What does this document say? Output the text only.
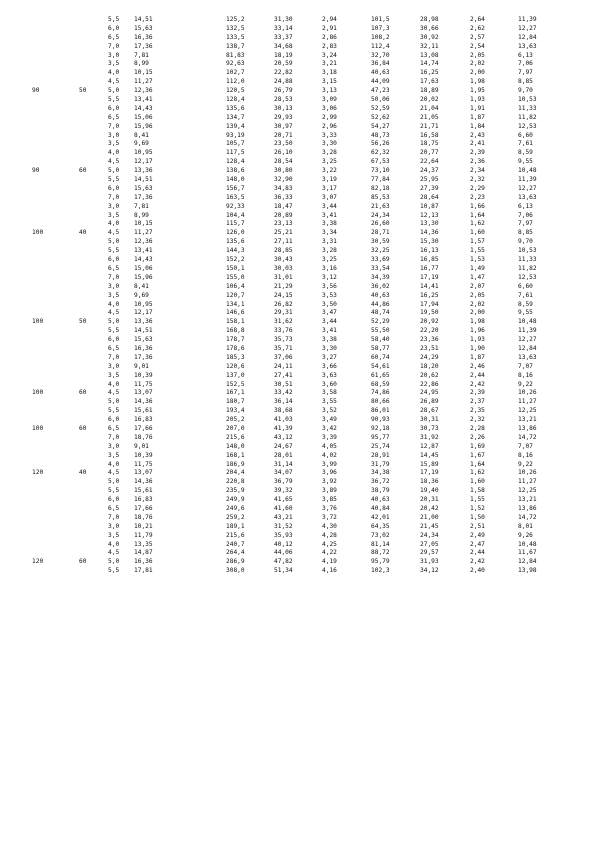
5,5 14,51	125,2	31,30	2,94	101,5	28,98	2,64	11,39
6,0 15,63	132,5	33,14	2,91	107,3	30,66	2,62	12,27
6,5 16,36	133,5	33,37	2,86	108,2	30,92	2,57	12,84
7,0 17,36	138,7	34,68	2,83	112,4	32,11	2,54	13,63
3,0 7,81	81,83	18,19	3,24	32,70	13,08	2,05	6,13
3,5 8,99	92,63	20,59	3,21	36,84	14,74	2,02	7,06
4,0 10,15	102,7	22,82	3,18	40,63	16,25	2,00	7,97
4,5 11,27	112,0	24,88	3,15	44,09	17,63	1,98	8,85
90	50	5,0 12,36	120,5	26,79	3,13	47,23	18,89	1,95	9,70
5,5 13,41	128,4	28,53	3,09	50,06	20,02	1,93	10,53
6,0 14,43	135,6	30,13	3,06	52,59	21,04	1,91	11,33
6,5 15,06	134,7	29,93	2,99	52,62	21,05	1,87	11,82
7,0 15,96	139,4	30,97	2,96	54,27	21,71	1,84	12,53
3,0 8,41	93,19	20,71	3,33	48,73	16,58	2,43	6,60
3,5 9,69	105,7	23,50	3,30	56,26	18,75	2,41	7,61
4,0 10,95	117,5	26,10	3,28	62,32	20,77	2,39	8,59
4,5 12,17	128,4	28,54	3,25	67,53	22,64	2,36	9,55
90	60	5,0 13,36	138,6	30,80	3,22	73,10	24,37	2,34	10,48
5,5 14,51	148,0	32,90	3,19	77,84	25,95	2,32	11,39
6,0 15,63	156,7	34,83	3,17	82,18	27,39	2,29	12,27
7,0 17,36	163,5	36,33	3,07	85,53	28,64	2,23	13,63
3,0 7,81	92,33	18,47	3,44	21,63	10,87	1,66	6,13
3,5 8,99	104,4	20,89	3,41	24,34	12,13	1,64	7,06
4,0 10,15	115,7	23,13	3,38	26,60	13,30	1,62	7,97
100	40	4,5 11,27	126,0	25,21	3,34	28,71	14,36	1,60	8,85
5,0 12,36	135,6	27,11	3,31	30,59	15,30	1,57	9,70
5,5 13,41	144,3	28,85	3,28	32,25	16,13	1,55	10,53
6,0 14,43	152,2	30,43	3,25	33,69	16,85	1,53	11,33
6,5 15,06	150,1	30,03	3,16	33,54	16,77	1,49	11,82
7,0 15,96	155,0	31,01	3,12	34,39	17,19	1,47	12,53
3,0 8,41	106,4	21,29	3,56	36,02	14,41	2,07	6,60
3,5 9,69	120,7	24,15	3,53	40,63	16,25	2,05	7,61
4,0 10,95	134,1	26,82	3,50	44,86	17,94	2,02	8,59
4,5 12,17	146,6	29,31	3,47	48,74	19,50	2,00	9,55
100	50	5,0 13,36	158,1	31,62	3,44	52,29	20,92	1,98	10,48
5,5 14,51	168,8	33,76	3,41	55,50	22,20	1,96	11,39
6,0 15,63	178,7	35,73	3,38	58,40	23,36	1,93	12,27
6,5 16,36	178,6	35,71	3,30	58,77	23,51	1,90	12,84
7,0 17,36	185,3	37,06	3,27	60,74	24,29	1,87	13,63
3,0 9,01	120,6	24,11	3,66	54,61	18,20	2,46	7,07
3,5 10,39	137,0	27,41	3,63	61,65	20,62	2,44	8,16
4,0 11,75	152,5	30,51	3,60	68,59	22,86	2,42	9,22
100	60	4,5 13,07	167,1	33,42	3,58	74,86	24,95	2,39	10,26
5,0 14,36	180,7	36,14	3,55	80,66	26,89	2,37	11,27
5,5 15,61	193,4	38,68	3,52	86,01	28,67	2,35	12,25
6,0 16,83	205,2	41,03	3,49	90,93	30,31	2,32	13,21
100	60	6,5 17,66	207,0	41,39	3,42	92,18	30,73	2,28	13,86
7,0 18,76	215,6	43,12	3,39	95,77	31,92	2,26	14,72
3,0 9,01	148,0	24,67	4,05	25,74	12,87	1,69	7,07
3,5 10,39	168,1	28,01	4,02	28,91	14,45	1,67	8,16
4,0 11,75	186,9	31,14	3,99	31,79	15,89	1,64	9,22
120	40	4,5 13,07	204,4	34,07	3,96	34,38	17,19	1,62	10,26
5,0 14,36	220,8	36,79	3,92	36,72	18,36	1,60	11,27
5,5 15,61	235,9	39,32	3,89	38,79	19,40	1,58	12,25
6,0 16,83	249,9	41,65	3,85	40,63	20,31	1,55	13,21
6,5 17,66	249,6	41,60	3,76	40,84	20,42	1,52	13,86
7,0 18,76	259,2	43,21	3,72	42,01	21,00	1,50	14,72
3,0 10,21	189,1	31,52	4,30	64,35	21,45	2,51	8,01
3,5 11,79	215,6	35,93	4,28	73,02	24,34	2,49	9,26
4,0 13,35	240,7	40,12	4,25	81,14	27,05	2,47	10,48
4,5 14,87	264,4	44,06	4,22	88,72	29,57	2,44	11,67
120	60	5,0 16,36	286,9	47,82	4,19	95,79	31,93	2,42	12,84
5,5 17,81	308,0	51,34	4,16	102,3	34,12	2,40	13,98
